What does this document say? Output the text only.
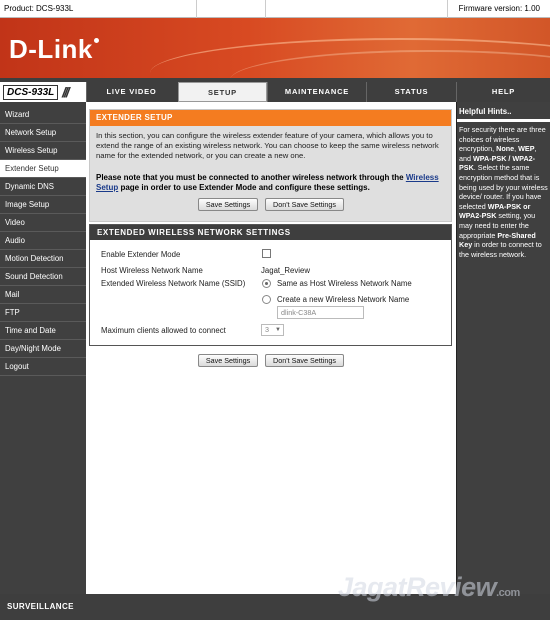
Product: DCS-933L	Firmware version: 1.00
D-Link
DCS-933L ///	LIVE VIDEO	SETUP	MAINTENANCE	STATUS	HELP
Wizard
Network Setup
Wireless Setup
Extender Setup
Dynamic DNS
Image Setup
Video
Audio
Motion Detection
Sound Detection
Mail
FTP
Time and Date
Day/Night Mode
Logout
EXTENDER SETUP
In this section, you can configure the wireless extender feature of your camera, which allows you to extend the range of an existing wireless network. You can choose to keep the same wireless network name for the extended network, or you can create a new one.
Please note that you must be connected to another wireless network through the Wireless Setup page in order to use Extender Mode and configure these settings.
Save Settings	Don't Save Settings
EXTENDED WIRELESS NETWORK SETTINGS
Enable Extender Mode
Host Wireless Network Name	Jagat_Review
Extended Wireless Network Name (SSID)	Same as Host Wireless Network Name
Create a new Wireless Network Name
dlink-C38A
Maximum clients allowed to connect	3 ▼
Save Settings	Don't Save Settings
Helpful Hints..
For security there are three choices of wireless encryption, None, WEP, and WPA-PSK / WPA2-PSK. Select the same encryption method that is being used by your wireless device/ router. If you have selected WPA-PSK or WPA2-PSK setting, you may need to enter the appropriate Pre-Shared Key in order to connect to the wireless network.
SURVEILLANCE
JagatReview.com
